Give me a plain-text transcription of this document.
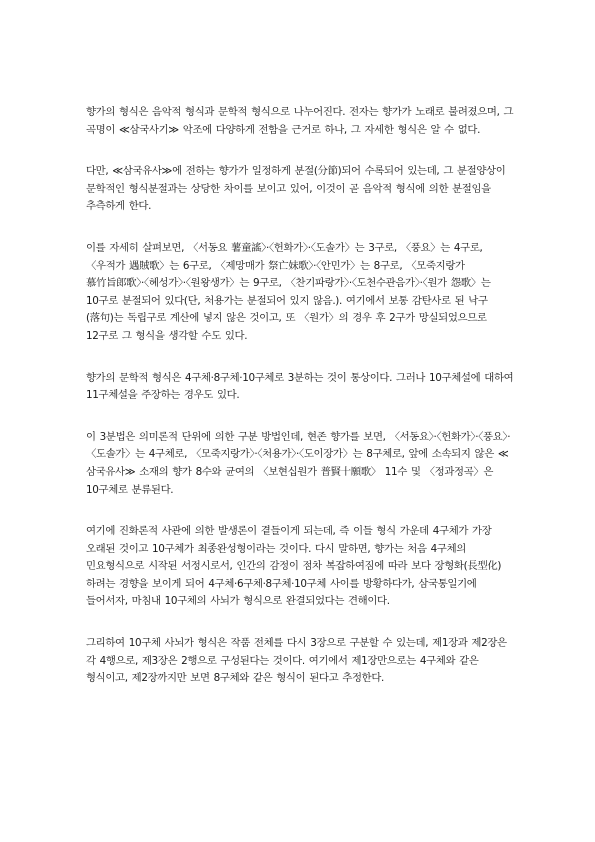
향가의 형식은 음악적 형식과 문학적 형식으로 나누어진다. 전자는 향가가 노래로 불려졌으며, 그 곡명이 ≪삼국사기≫ 악조에 다양하게 전함을 근거로 하나, 그 자세한 형식은 알 수 없다.

다만, ≪삼국유사≫에 전하는 향가가 일정하게 분절(分節)되어 수록되어 있는데, 그 분절양상이 문학적인 형식분절과는 상당한 차이를 보이고 있어, 이것이 곧 음악적 형식에 의한 분절임을 추측하게 한다.

이를 자세히 살펴보면, 〈서동요 薯童謠〉·〈헌화가〉·〈도솔가〉는 3구로, 〈풍요〉는 4구로, 〈우적가 遇賊歌〉는 6구로, 〈제망매가 祭亡妹歌〉·〈안민가〉는 8구로, 〈모죽지랑가 慕竹旨郎歌〉·〈혜성가〉·〈원왕생가〉는 9구로, 〈찬기파랑가〉·〈도천수관음가〉·〈원가 怨歌〉는 10구로 분절되어 있다(단, 처용가는 분절되어 있지 않음.). 여기에서 보통 감탄사로 된 낙구(落句)는 독립구로 계산에 넣지 않은 것이고, 또 〈원가〉의 경우 후 2구가 망실되었으므로 12구로 그 형식을 생각할 수도 있다.

향가의 문학적 형식은 4구체·8구체·10구체로 3분하는 것이 통상이다. 그러나 10구체설에 대하여 11구체설을 주장하는 경우도 있다.

이 3분법은 의미론적 단위에 의한 구분 방법인데, 현존 향가를 보면, 〈서동요〉·〈헌화가〉·〈풍요〉·〈도솔가〉는 4구체로, 〈모죽지랑가〉·〈처용가〉·〈도이장가〉는 8구체로, 앞에 소속되지 않은 ≪삼국유사≫ 소재의 향가 8수와 균여의 〈보현십원가 普賢十願歌〉 11수 및 〈정과정곡〉은 10구체로 분류된다.

여기에 진화론적 사관에 의한 발생론이 곁들이게 되는데, 즉 이들 형식 가운데 4구체가 가장 오래된 것이고 10구체가 최종완성형이라는 것이다. 다시 말하면, 향가는 처음 4구체의 민요형식으로 시작된 서정시로서, 인간의 감정이 점차 복잡하여짐에 따라 보다 장형화(長型化)하려는 경향을 보이게 되어 4구체·6구체·8구체·10구체 사이를 방황하다가, 삼국통일기에 들어서자, 마침내 10구체의 사뇌가 형식으로 완결되었다는 견해이다.

그리하여 10구체 사뇌가 형식은 작품 전체를 다시 3장으로 구분할 수 있는데, 제1장과 제2장은 각 4행으로, 제3장은 2행으로 구성된다는 것이다. 여기에서 제1장만으로는 4구체와 같은 형식이고, 제2장까지만 보면 8구체와 같은 형식이 된다고 추정한다.
